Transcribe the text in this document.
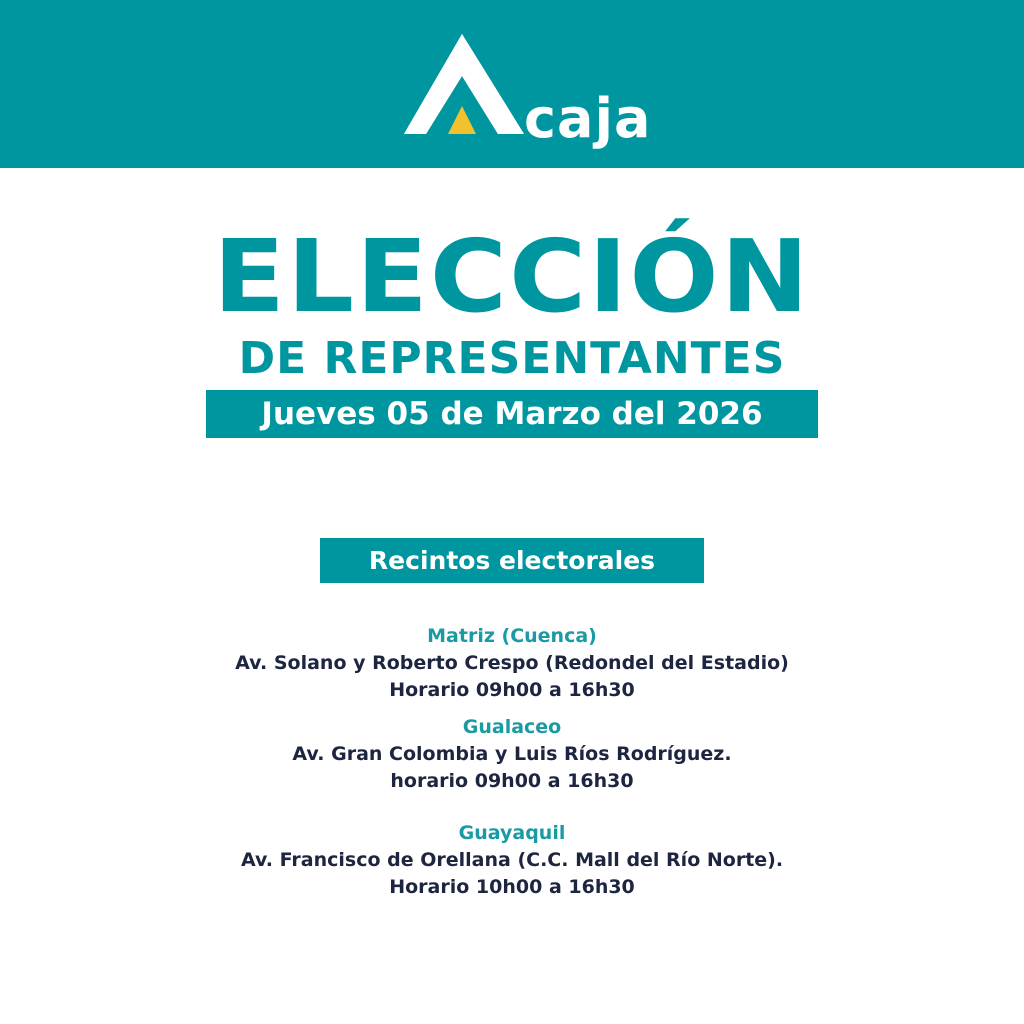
caja
ELECCIÓN
DE REPRESENTANTES
Jueves 05 de Marzo del 2026
Recintos electorales
Matriz (Cuenca)
Av. Solano y Roberto Crespo (Redondel del Estadio)
Horario 09h00 a 16h30
Gualaceo
Av. Gran Colombia y Luis Ríos Rodríguez.
horario 09h00 a 16h30
Guayaquil
Av. Francisco de Orellana (C.C. Mall del Río Norte).
Horario 10h00 a 16h30
